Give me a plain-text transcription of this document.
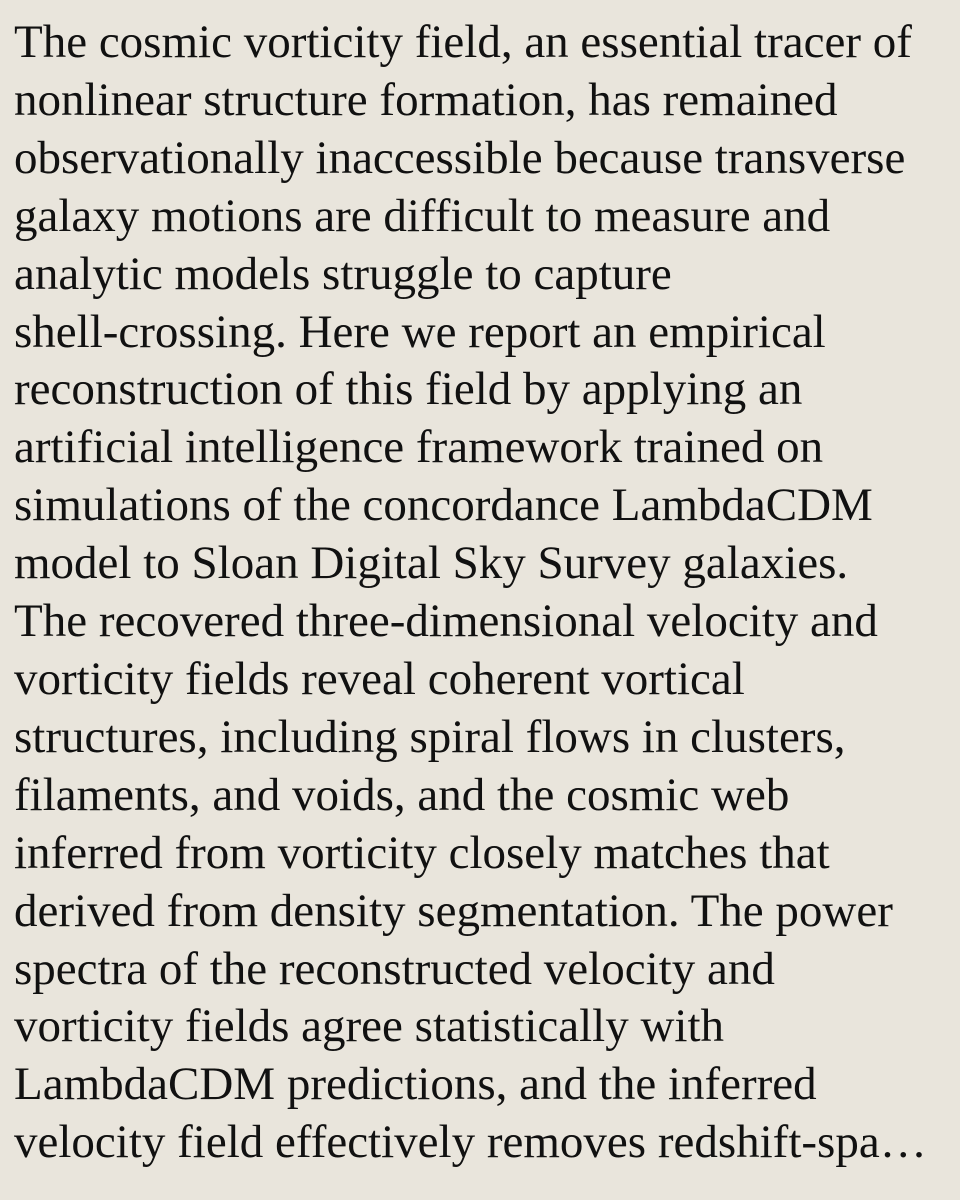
The cosmic vorticity field, an essential tracer of
nonlinear structure formation, has remained
observationally inaccessible because transverse
galaxy motions are difficult to measure and
analytic models struggle to capture
shell-crossing. Here we report an empirical
reconstruction of this field by applying an
artificial intelligence framework trained on
simulations of the concordance LambdaCDM
model to Sloan Digital Sky Survey galaxies.
The recovered three-dimensional velocity and
vorticity fields reveal coherent vortical
structures, including spiral flows in clusters,
filaments, and voids, and the cosmic web
inferred from vorticity closely matches that
derived from density segmentation. The power
spectra of the reconstructed velocity and
vorticity fields agree statistically with
LambdaCDM predictions, and the inferred
velocity field effectively removes redshift-spa…
